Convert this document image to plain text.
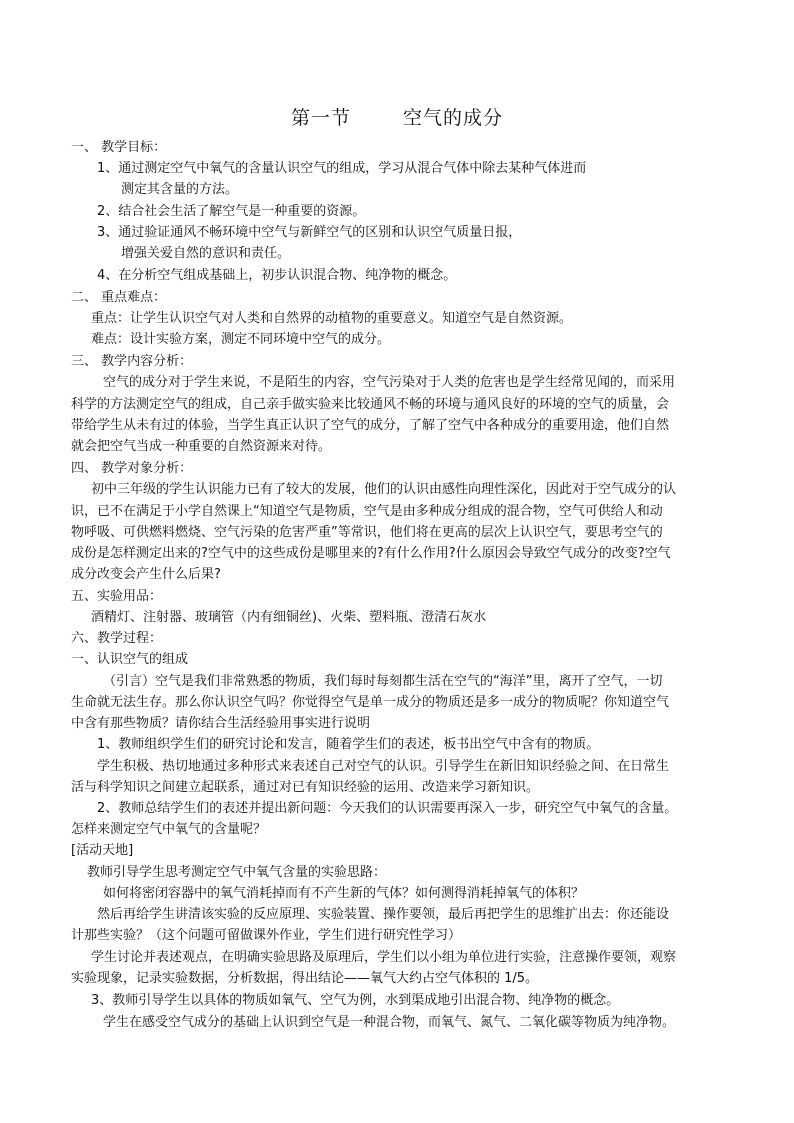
第一节	空气的成分
一、 教学目标：
1、通过测定空气中氧气的含量认识空气的组成，学习从混合气体中除去某种气体进而
测定其含量的方法。
2、结合社会生活了解空气是一种重要的资源。
3、通过验证通风不畅环境中空气与新鲜空气的区别和认识空气质量日报，
增强关爱自然的意识和责任。
4、在分析空气组成基础上，初步认识混合物、纯净物的概念。
二、 重点难点：
重点：让学生认识空气对人类和自然界的动植物的重要意义。知道空气是自然资源。
难点：设计实验方案，测定不同环境中空气的成分。
三、 教学内容分析：
空气的成分对于学生来说，不是陌生的内容，空气污染对于人类的危害也是学生经常见闻的，而采用
科学的方法测定空气的组成，自己亲手做实验来比较通风不畅的环境与通风良好的环境的空气的质量，会
带给学生从未有过的体验，当学生真正认识了空气的成分，了解了空气中各种成分的重要用途，他们自然
就会把空气当成一种重要的自然资源来对待。
四、 教学对象分析：
初中三年级的学生认识能力已有了较大的发展，他们的认识由感性向理性深化，因此对于空气成分的认
识，已不在满足于小学自然课上“知道空气是物质，空气是由多种成分组成的混合物，空气可供给人和动
物呼吸、可供燃料燃烧、空气污染的危害严重”等常识，他们将在更高的层次上认识空气，要思考空气的
成份是怎样测定出来的?空气中的这些成份是哪里来的?有什么作用?什么原因会导致空气成分的改变?空气
成分改变会产生什么后果?
五、实验用品：
酒精灯、注射器、玻璃管（内有细铜丝)、火柴、塑料瓶、澄清石灰水
六、教学过程：
一、认识空气的组成
（引言）空气是我们非常熟悉的物质，我们每时每刻都生活在空气的“海洋”里，离开了空气，一切
生命就无法生存。那么你认识空气吗？你觉得空气是单一成分的物质还是多一成分的物质呢？你知道空气
中含有那些物质？请你结合生活经验用事实进行说明
1、教师组织学生们的研究讨论和发言，随着学生们的表述，板书出空气中含有的物质。
学生积极、热切地通过多种形式来表述自己对空气的认识。引导学生在新旧知识经验之间、在日常生
活与科学知识之间建立起联系，通过对已有知识经验的运用、改造来学习新知识。
2、教师总结学生们的表述并提出新问题：今天我们的认识需要再深入一步，研究空气中氧气的含量。
怎样来测定空气中氧气的含量呢？
[活动天地]
教师引导学生思考测定空气中氧气含量的实验思路：
如何将密闭容器中的氧气消耗掉而有不产生新的气体？如何测得消耗掉氧气的体积？
然后再给学生讲清该实验的反应原理、实验装置、操作要领，最后再把学生的思维扩出去：你还能设
计那些实验？（这个问题可留做课外作业，学生们进行研究性学习）
学生讨论并表述观点，在明确实验思路及原理后，学生们以小组为单位进行实验，注意操作要领，观察
实验现象，记录实验数据，分析数据，得出结论——氧气大约占空气体积的 1/5。
3、教师引导学生以具体的物质如氧气、空气为例，水到渠成地引出混合物、纯净物的概念。
学生在感受空气成分的基础上认识到空气是一种混合物，而氧气、氮气、二氧化碳等物质为纯净物。
